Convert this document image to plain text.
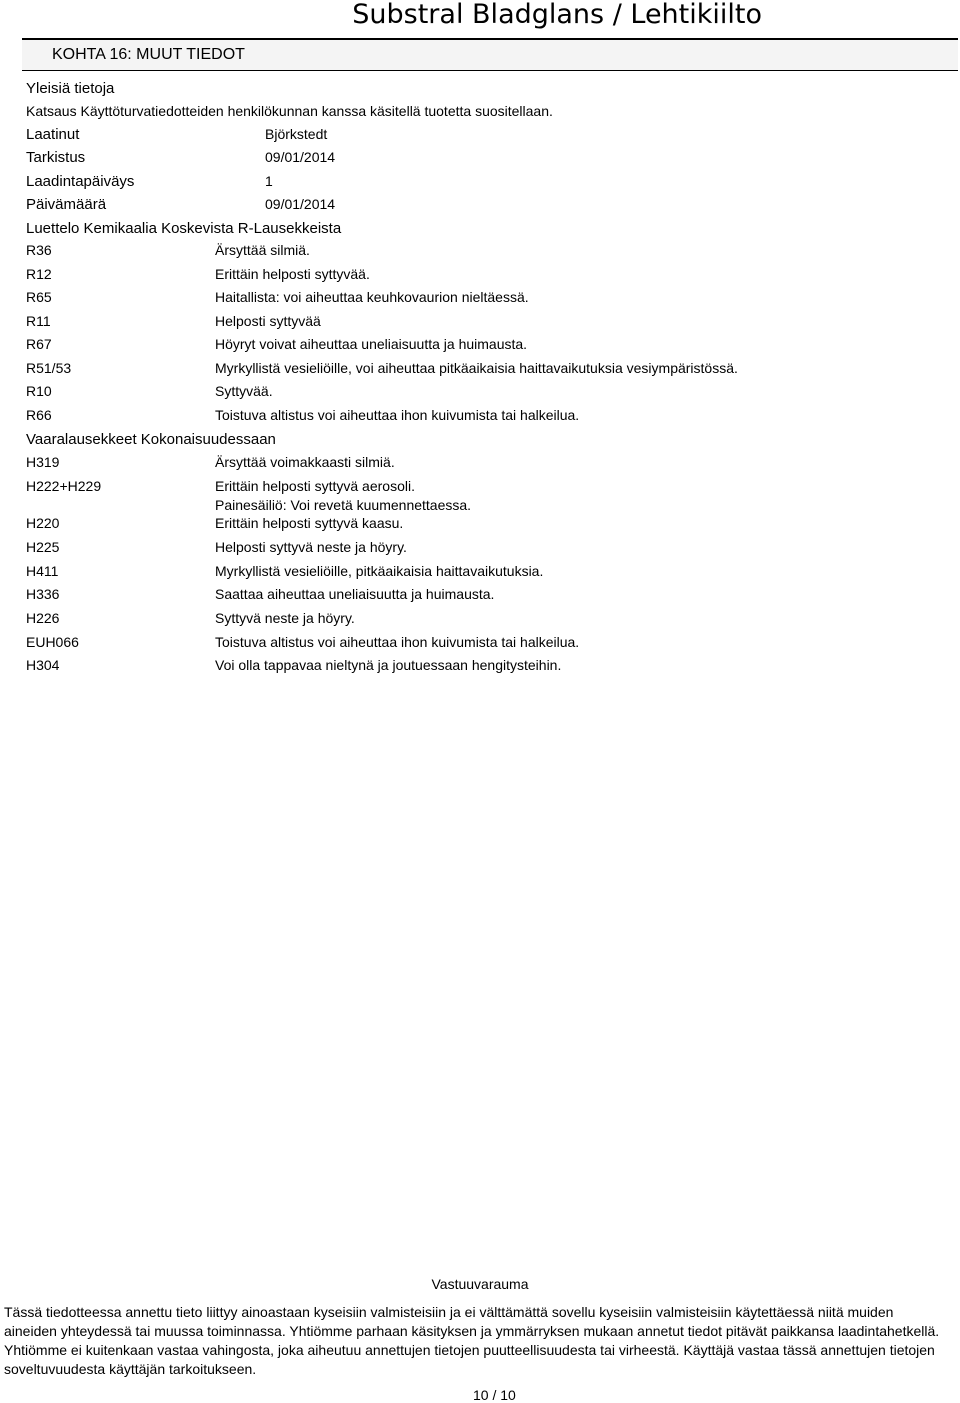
Substral Bladglans / Lehtikiilto
KOHTA 16: MUUT TIEDOT
Yleisiä tietoja
Katsaus Käyttöturvatiedotteiden henkilökunnan kanssa käsitellä tuotetta suositellaan.
Laatinut	Björkstedt
Tarkistus	09/01/2014
Laadintapäiväys	1
Päivämäärä	09/01/2014
Luettelo Kemikaalia Koskevista R-Lausekkeista
R36	Ärsyttää silmiä.
R12	Erittäin helposti syttyvää.
R65	Haitallista: voi aiheuttaa keuhkovaurion nieltäessä.
R11	Helposti syttyvää
R67	Höyryt voivat aiheuttaa uneliaisuutta ja huimausta.
R51/53	Myrkyllistä vesieliöille, voi aiheuttaa pitkäaikaisia haittavaikutuksia vesiympäristössä.
R10	Syttyvää.
R66	Toistuva altistus voi aiheuttaa ihon kuivumista tai halkeilua.
Vaaralausekkeet Kokonaisuudessaan
H319	Ärsyttää voimakkaasti silmiä.
H222+H229	Erittäin helposti syttyvä aerosoli.
Painesäiliö: Voi revetä kuumennettaessa.
H220	Erittäin helposti syttyvä kaasu.
H225	Helposti syttyvä neste ja höyry.
H411	Myrkyllistä vesieliöille, pitkäaikaisia haittavaikutuksia.
H336	Saattaa aiheuttaa uneliaisuutta ja huimausta.
H226	Syttyvä neste ja höyry.
EUH066	Toistuva altistus voi aiheuttaa ihon kuivumista tai halkeilua.
H304	Voi olla tappavaa nieltynä ja joutuessaan hengitysteihin.
Vastuuvarauma
Tässä tiedotteessa annettu tieto liittyy ainoastaan kyseisiin valmisteisiin ja ei välttämättä sovellu kyseisiin valmisteisiin käytettäessä niitä muiden aineiden yhteydessä tai muussa toiminnassa. Yhtiömme parhaan käsityksen ja ymmärryksen mukaan annetut tiedot pitävät paikkansa laadintahetkellä. Yhtiömme ei kuitenkaan vastaa vahingosta, joka aiheutuu annettujen tietojen puutteellisuudesta tai virheestä. Käyttäjä vastaa tässä annettujen tietojen soveltuvuudesta käyttäjän tarkoitukseen.
10 / 10
